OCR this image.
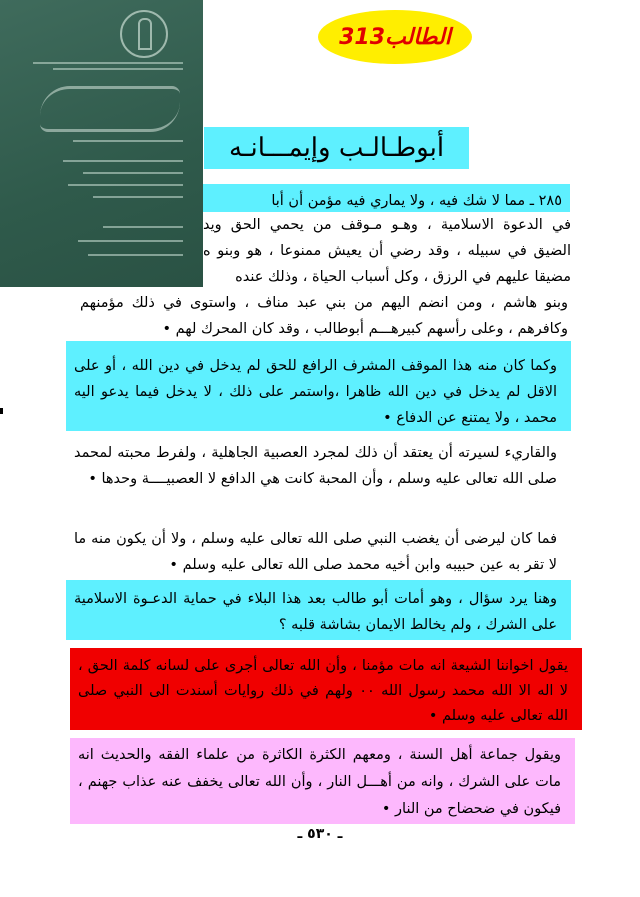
الطالب313
أبوطـالـب وإيمـــانـه
٢٨٥ ـ مما لا شك فيه ، ولا يماري فيه مؤمن أن أبا
في الدعوة الاسلامية ، وهـو مـوقف من يحمي الحق ويد الضيق في سبيله ، وقد رضي أن يعيش ممنوعا ، هو وبنو ه مضيقا عليهم في الرزق ، وكل أسباب الحياة ، وذلك عنده
وبنو هاشم ، ومن انضم اليهم من بني عبد مناف ، واستوى في ذلك مؤمنهم وكافرهم ، وعلى رأسهم كبيرهـــم أبوطالب ، وقد كان المحرك لهم •
وكما كان منه هذا الموقف المشرف الرافع للحق لم يدخل في دين الله ، أو على الاقل لم يدخل في دين الله ظاهرا ،واستمر على ذلك ، لا يدخل فيما يدعو اليه محمد ، ولا يمتنع عن الدفاع •
والقاريء لسيرته أن يعتقد أن ذلك لمجرد العصبية الجاهلية ، ولفرط محبته لمحمد صلى الله تعالى عليه وسلم ، وأن المحبة كانت هي الدافع لا العصبيــــة وحدها •
فما كان ليرضى أن يغضب النبي صلى الله تعالى عليه وسلم ، ولا أن يكون منه ما لا تقر به عين حبيبه وابن أخيه محمد صلى الله تعالى عليه وسلم •
وهنا يرد سؤال ، وهو أمات أبو طالب بعد هذا البلاء في حماية الدعـوة الاسلامية على الشرك ، ولم يخالط الايمان بشاشة قلبه ؟
يقول اخواننا الشيعة انه مات مؤمنا ، وأن الله تعالى أجرى على لسانه كلمة الحق ، لا اله الا الله محمد رسول الله ٠٠ ولهم في ذلك روايات أسندت الى النبي صلى الله تعالى عليه وسلم •
ويقول جماعة أهل السنة ، ومعهم الكثرة الكاثرة من علماء الفقه والحديث انه مات على الشرك ، وانه من أهـــل النار ، وأن الله تعالى يخفف عنه عذاب جهنم ، فيكون في ضحضاح من النار •
ـ ٥٣٠ ـ
